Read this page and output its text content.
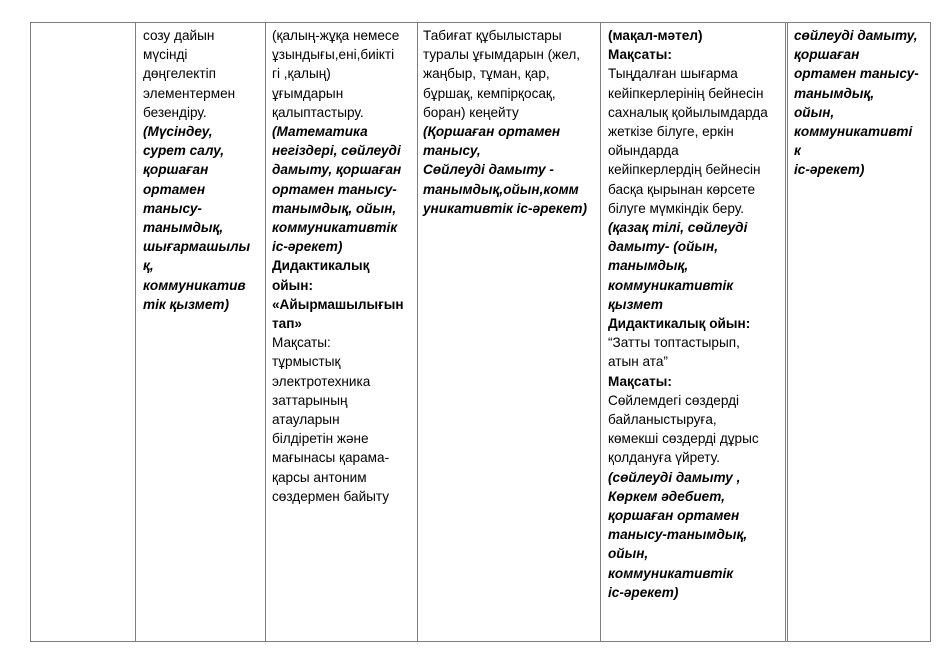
созу дайын
мүсінді
дөңгелектіп
элементермен
безендіру.
(Мүсіндеу,
сурет салу,
қоршаған
ортамен
танысу-
танымдық,
шығармашылы
қ,
коммуникатив
тік қызмет)
(қалың-жұқа немесе
ұзындығы,ені,биікті
гі ,қалың)
ұғымдарын
қалыптастыру.
(Математика
негіздері, сөйлеуді
дамыту, қоршаған
ортамен танысу-
танымдық, ойын,
коммуникативтік
іс-әрекет)
Дидактикалық
ойын:
«Айырмашылығын
тап»
Мақсаты:
тұрмыстық
электротехника
заттарының
атауларын
білдіретін және
мағынасы қарама-
қарсы антоним
сөздермен байыту
Табиғат құбылыстары
туралы ұғымдарын (жел,
жаңбыр, тұман, қар,
бұршақ, кемпірқосақ,
боран) кеңейту
(Қоршаған ортамен
танысу,
Сөйлеуді дамыту -
танымдық,ойын,комм
уникативтік іс-әрекет)
(мақал-мәтел)
Мақсаты:
Тыңдалған шығарма
кейіпкерлерінің бейнесін
сахналық қойылымдарда
жеткізе білуге, еркін
ойындарда
кейіпкерлердің бейнесін
басқа қырынан көрсете
білуге мүмкіндік беру.
(қазақ тілі, сөйлеуді
дамыту- (ойын,
танымдық,
коммуникативтік
қызмет
Дидактикалық ойын:
“Затты топтастырып,
атын ата”
Мақсаты:
Сөйлемдегі сөздерді
байланыстыруға,
көмекші сөздерді дұрыс
қолдануға үйрету.
(сөйлеуді дамыту ,
Көркем әдебиет,
қоршаған ортамен
танысу-танымдық,
ойын,
коммуникативтік
іс-әрекет)
сөйлеуді дамыту,
қоршаған
ортамен танысу-
танымдық,
ойын,
коммуникативті
к
іс-әрекет)
